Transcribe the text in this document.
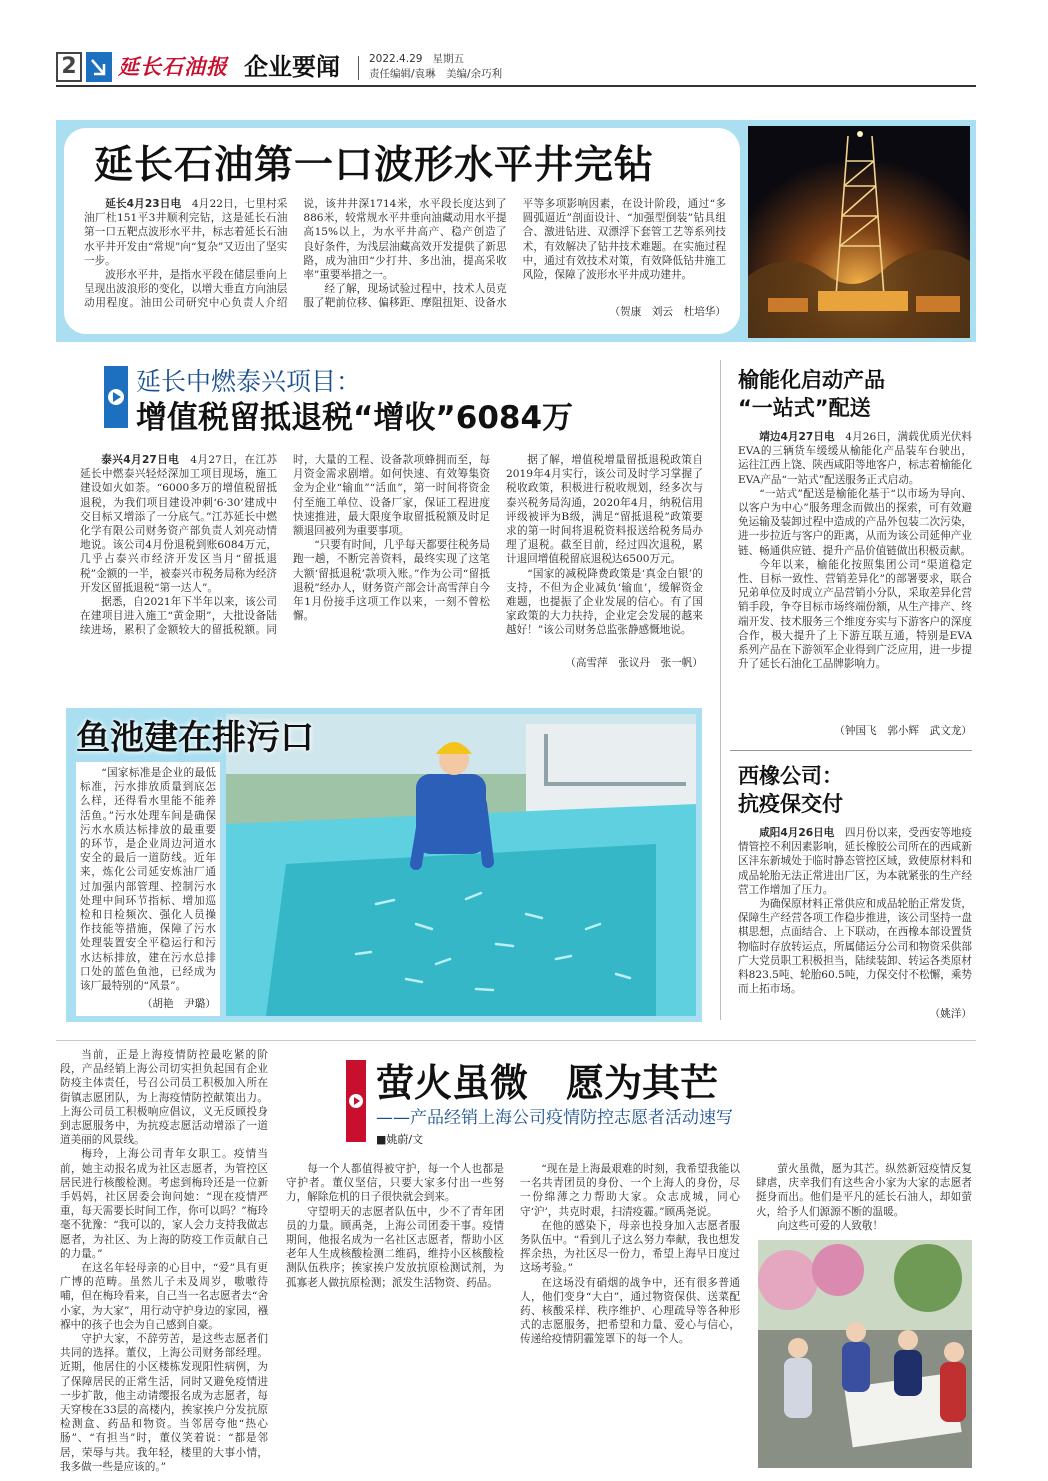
2 延长石油报 企业要闻	2022.4.29 星期五
责任编辑/袁琳　美编/余巧利
延长石油第一口波形水平井完钻

延长4月23日电　 4月22日，七里村采油厂杜151平3井顺利完钻，这是延长石油第一口五靶点波形水平井，标志着延长石油水平井开发由“常规”向“复杂”又迈出了坚实一步。

波形水平井，是指水平段在储层垂向上呈现出波浪形的变化，以增大垂直方向油层动用程度。油田公司研究中心负责人介绍说，该井井深1714米，水平段长度达到了886米，较常规水平井垂向油藏动用水平提高15%以上，为水平井高产、稳产创造了良好条件，为浅层油藏高效开发提供了新思路，成为油田“少打井、多出油，提高采收率”重要举措之一。

经了解，现场试验过程中，技术人员克服了靶前位移、偏移距、摩阻扭矩、设备水平等多项影响因素，在设计阶段，通过“多圆弧逼近”剖面设计、“加强型倒装”钻具组合、激进钻进、双漂浮下套管工艺等系列技术，有效解决了钻井技术难题。在实施过程中，通过有效技术对策，有效降低钻井施工风险，保障了波形水平井成功建井。

（贺康　刘云　杜培华）
延长中燃泰兴项目：
增值税留抵退税“增收”6084万

泰兴4月27日电　 4月27日，在江苏延长中燃泰兴轻烃深加工项目现场，施工建设如火如荼。“6000多万的增值税留抵退税，为我们项目建设冲刺‘6·30’建成中交目标又增添了一分底气。”江苏延长中燃化学有限公司财务资产部负责人刘亮动情地说。该公司4月份退税到账6084万元，几乎占泰兴市经济开发区当月“留抵退税”金额的一半，被泰兴市税务局称为经济开发区留抵退税“第一达人”。

据悉，自2021年下半年以来，该公司在建项目进入施工“黄金期”，大批设备陆续进场，累积了金额较大的留抵税额。同时，大量的工程、设备款项蜂拥而至，每月资金需求剧增。如何快速、有效筹集资金为企业“输血”“活血”，第一时间将资金付至施工单位、设备厂家，保证工程进度快速推进，最大限度争取留抵税额及时足额退回被列为重要事项。

“只要有时间，几乎每天都要往税务局跑一趟，不断完善资料，最终实现了这笔大额‘留抵退税’款项入账。”作为公司“留抵退税”经办人，财务资产部会计高雪萍自今年1月份接手这项工作以来，一刻不曾松懈。

据了解，增值税增量留抵退税政策自2019年4月实行，该公司及时学习掌握了税收政策，积极进行税收规划，经多次与泰兴税务局沟通，2020年4月，纳税信用评级被评为B级，满足“留抵退税”政策要求的第一时间将退税资料报送给税务局办理了退税。截至目前，经过四次退税，累计退回增值税留底退税达6500万元。

“国家的减税降费政策是‘真金白银’的支持，不但为企业减负‘输血’，缓解资金难题，也提振了企业发展的信心。有了国家政策的大力扶持，企业定会发展的越来越好！”该公司财务总监张静感慨地说。

（高雪萍　张议丹　张一帆）
榆能化启动产品
“一站式”配送

靖边4月27日电　 4月26日，满载优质光伏料EVA的三辆货车缓缓从榆能化产品装车台驶出，运往江西上饶、陕西咸阳等地客户，标志着榆能化EVA产品“一站式”配送服务正式启动。

“一站式”配送是榆能化基于“以市场为导向、以客户为中心”服务理念而做出的探索，可有效避免运输及装卸过程中造成的产品外包装二次污染，进一步拉近与客户的距离，从而为该公司延伸产业链、畅通供应链、提升产品价值链做出积极贡献。

今年以来，榆能化按照集团公司“渠道稳定性、目标一致性、营销差异化”的部署要求，联合兄弟单位及时成立产品营销小分队，采取差异化营销手段，争夺目标市场终端份额，从生产排产、终端开发、技术服务三个维度夯实与下游客户的深度合作，极大提升了上下游互联互通，特别是EVA系列产品在下游领军企业得到广泛应用，进一步提升了延长石油化工品牌影响力。

（钟国飞　郭小辉　武文龙）
鱼池建在排污口

“国家标准是企业的最低标准，污水排放质量到底怎么样，还得看水里能不能养活鱼。”污水处理车间是确保污水水质达标排放的最重要的环节，是企业周边河道水安全的最后一道防线。近年来，炼化公司延安炼油厂通过加强内部管理、控制污水处理中间环节指标、增加巡检和日检频次、强化人员操作技能等措施，保障了污水处理装置安全平稳运行和污水达标排放，建在污水总排口处的蓝色鱼池，已经成为该厂最特别的“风景”。

（胡艳　尹璐）
西橡公司：
抗疫保交付

咸阳4月26日电　 四月份以来，受西安等地疫情管控不利因素影响，延长橡胶公司所在的西咸新区沣东新城处于临时静态管控区域，致使原材料和成品轮胎无法正常进出厂区，为本就紧张的生产经营工作增加了压力。

为确保原材料正常供应和成品轮胎正常发货，保障生产经营各项工作稳步推进，该公司坚持一盘棋思想，点面结合、上下联动，在西橡本部设置货物临时存放转运点，所属储运分公司和物资采供部广大党员职工积极担当，陆续装卸、转运各类原材料823.5吨、轮胎60.5吨，力保交付不松懈，乘势而上拓市场。

（姚洋）
萤火虽微　愿为其芒
——产品经销上海公司疫情防控志愿者活动速写
■姚蔚/文

当前，正是上海疫情防控最吃紧的阶段，产品经销上海公司切实担负起国有企业防疫主体责任，号召公司员工积极加入所在街镇志愿团队，为上海疫情防控献策出力。上海公司员工积极响应倡议，义无反顾投身到志愿服务中，为抗疫志愿活动增添了一道道美丽的风景线。

梅玲，上海公司青年女职工。疫情当前，她主动报名成为社区志愿者，为管控区居民进行核酸检测。考虑到梅玲还是一位新手妈妈，社区居委会询问她：“现在疫情严重，每天需要长时间工作，你可以吗？”梅玲毫不犹豫：“我可以的，家人会力支持我做志愿者，为社区、为上海的防疫工作贡献自己的力量。”

在这名年轻母亲的心目中，“爱”具有更广博的范畴。虽然儿子未及周岁，嗷嗷待哺，但在梅玲看来，自己当一名志愿者去“舍小家，为大家”，用行动守护身边的家园，襁褓中的孩子也会为自己感到自豪。

守护大家，不辞劳苦，是这些志愿者们共同的选择。董仪，上海公司财务部经理。近期，他居住的小区楼栋发现阳性病例，为了保障居民的正常生活，同时又避免疫情进一步扩散，他主动请缨报名成为志愿者，每天穿梭在33层的高楼内，挨家挨户分发抗原检测盒、药品和物资。当邻居夸他“热心肠”、“有担当”时，董仪笑着说：“都是邻居，荣辱与共。我年轻，楼里的大事小情，我多做一些是应该的。”

每一个人都值得被守护，每一个人也都是守护者。董仪坚信，只要大家多付出一些努力，解除危机的日子很快就会到来。

守望明天的志愿者队伍中，少不了青年团员的力量。顾禹尧，上海公司团委干事。疫情期间，他报名成为一名社区志愿者，帮助小区老年人生成核酸检测二维码，维持小区核酸检测队伍秩序；挨家挨户发放抗原检测试剂，为孤寡老人做抗原检测；派发生活物资、药品。

“现在是上海最艰难的时刻，我希望我能以一名共青团员的身份、一个上海人的身份，尽一份绵薄之力帮助大家。众志成城，同心守‘沪’，共克时艰，扫清疫霾。”顾禹尧说。

在他的感染下，母亲也投身加入志愿者服务队伍中。“看到儿子这么努力奉献，我也想发挥余热，为社区尽一份力，希望上海早日度过这场考验。”

在这场没有硝烟的战争中，还有很多普通人，他们变身“大白”，通过物资保供、送菜配药、核酸采样、秩序维护、心理疏导等各种形式的志愿服务，把希望和力量、爱心与信心，传递给疫情阴霾笼罩下的每一个人。

萤火虽微，愿为其芒。纵然新冠疫情反复肆虐，庆幸我们有这些舍小家为大家的志愿者挺身而出。他们是平凡的延长石油人，却如萤火，给予人们源源不断的温暖。

向这些可爱的人致敬！
